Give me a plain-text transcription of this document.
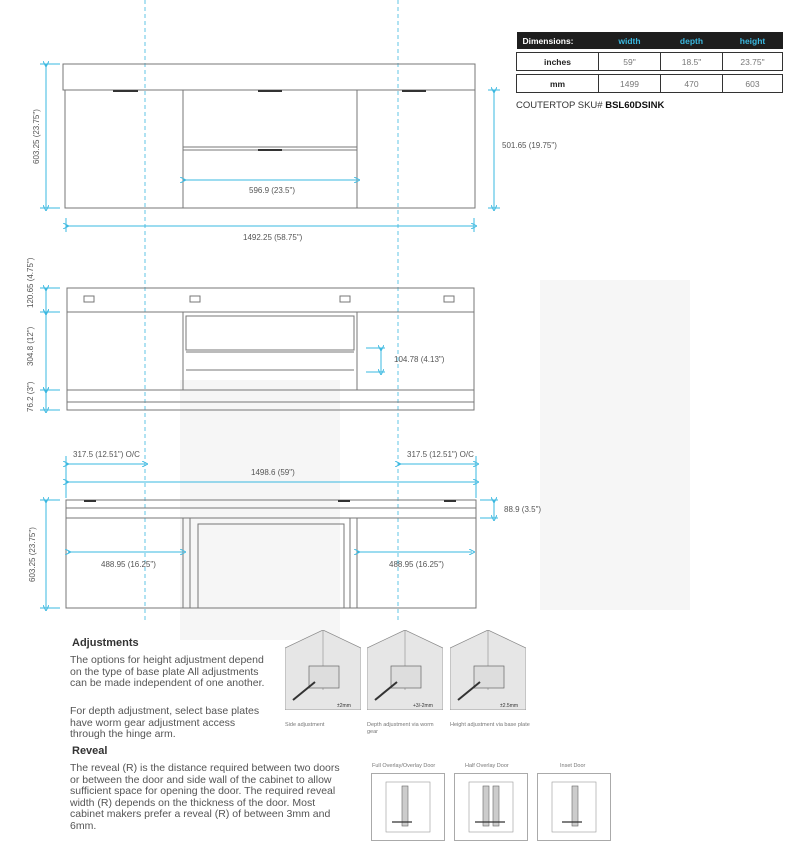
603.25 (23.75")	501.65 (19.75")
596.9 (23.5")
1492.25 (58.75")
120.65 (4.75")
304.8 (12")
76.2 (3")
104.78 (4.13")
317.5 (12.51") O/C	317.5 (12.51") O/C
1498.6 (59")
88.9 (3.5")
603.25 (23.75")	488.95 (16.25")	488.95 (16.25")
Dimensions:	width	depth	height

inches	59"	18.5"	23.75"

mm	1499	470	603
COUTERTOP SKU# BSL60DSINK
Adjustments

The options for height adjustment depend on the type of base plate All adjustments can be made independent of one another.

For depth adjustment, select base plates have worm gear adjustment access through the hinge arm.

±2mm
Side adjustment
+3/-2mm
Depth adjustment via worm gear
±2.5mm
Height adjustment via base plate
Reveal

The reveal (R) is the distance required between two doors or between the door and side wall of the cabinet to allow sufficient space for opening the door. The required reveal width (R) depends on the thickness of the door. Most cabinet makers prefer a reveal (R) of between 3mm and 6mm.

Full Overlay/Overlay Door	Half Overlay Door	Inset Door
